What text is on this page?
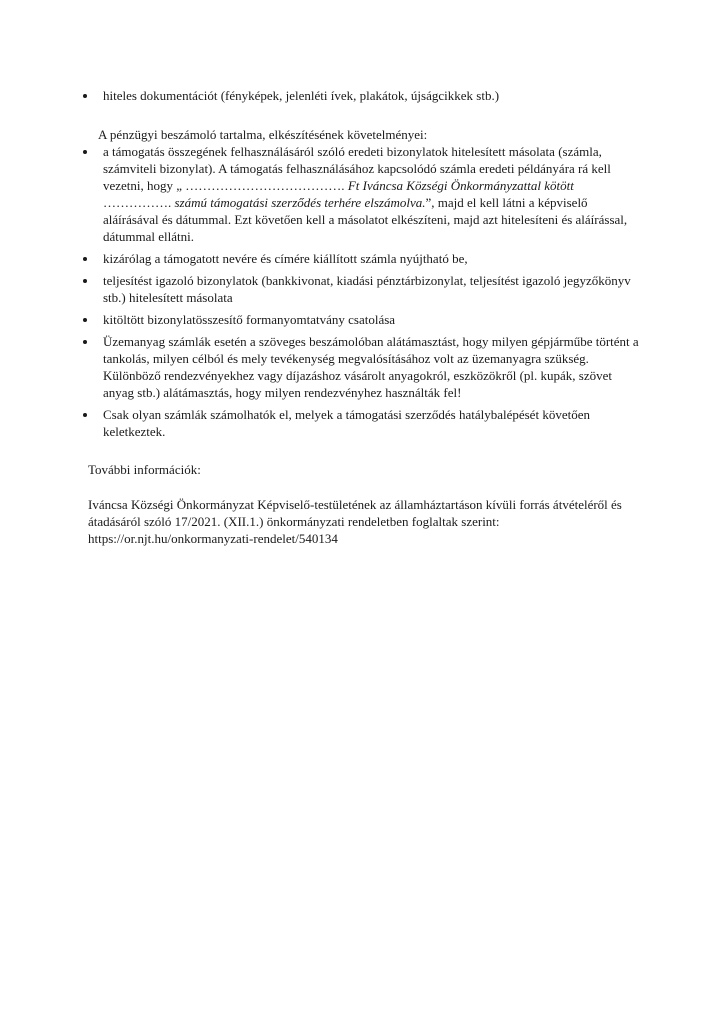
hiteles dokumentációt (fényképek, jelenléti ívek, plakátok, újságcikkek stb.)

A pénzügyi beszámoló tartalma, elkészítésének követelményei:

a támogatás összegének felhasználásáról szóló eredeti bizonylatok hitelesített másolata (számla, számviteli bizonylat). A támogatás felhasználásához kapcsolódó számla eredeti példányára rá kell vezetni, hogy „ ………………………………. Ft Iváncsa Községi Önkormányzattal kötött ……………. számú támogatási szerződés terhére elszámolva.”, majd el kell látni a képviselő aláírásával és dátummal. Ezt követően kell a másolatot elkészíteni, majd azt hitelesíteni és aláírással, dátummal ellátni.
kizárólag a támogatott nevére és címére kiállított számla nyújtható be,
teljesítést igazoló bizonylatok (bankkivonat, kiadási pénztárbizonylat, teljesítést igazoló jegyzőkönyv stb.) hitelesített másolata
kitöltött bizonylatösszesítő formanyomtatvány csatolása
Üzemanyag számlák esetén a szöveges beszámolóban alátámasztást, hogy milyen gépjárműbe történt a tankolás, milyen célból és mely tevékenység megvalósításához volt az üzemanyagra szükség. Különböző rendezvényekhez vagy díjazáshoz vásárolt anyagokról, eszközökről (pl. kupák, szövet anyag stb.) alátámasztás, hogy milyen rendezvényhez használták fel!
Csak olyan számlák számolhatók el, melyek a támogatási szerződés hatálybalépését követően keletkeztek.

További információk:

Iváncsa Községi Önkormányzat Képviselő-testületének az államháztartáson kívüli forrás átvételéről és átadásáról szóló 17/2021. (XII.1.) önkormányzati rendeletben foglaltak szerint: https://or.njt.hu/onkormanyzati-rendelet/540134
